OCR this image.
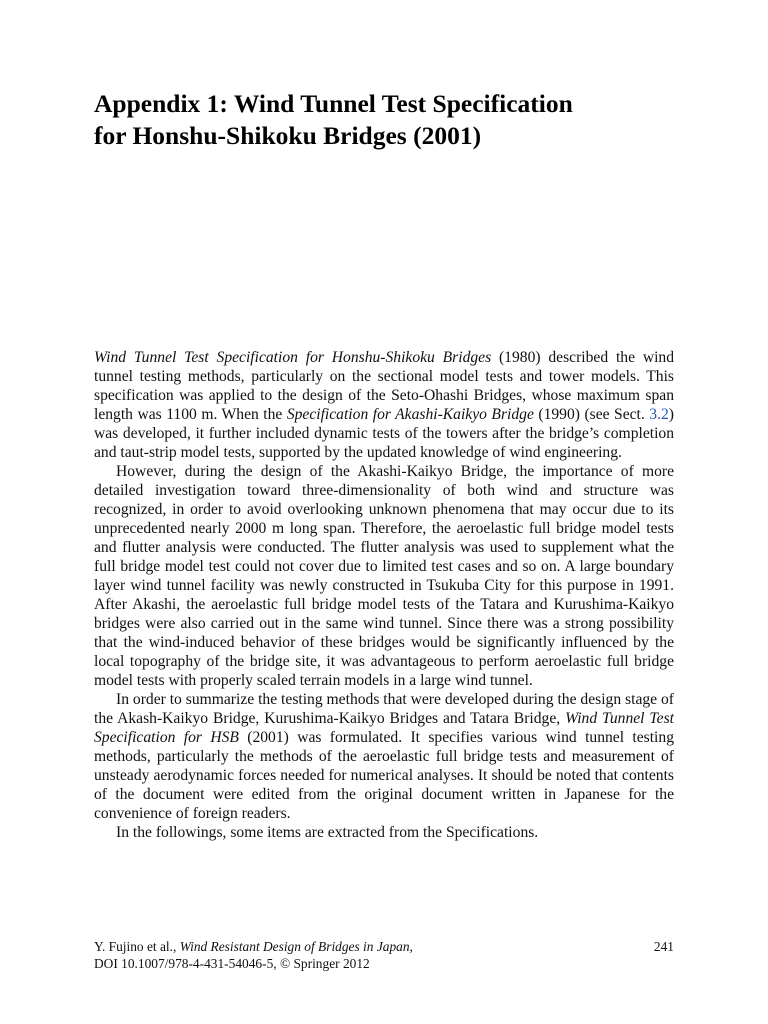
Appendix 1: Wind Tunnel Test Specification
for Honshu-Shikoku Bridges (2001)

Wind Tunnel Test Specification for Honshu-Shikoku Bridges (1980) described the wind tunnel testing methods, particularly on the sectional model tests and tower models. This specification was applied to the design of the Seto-Ohashi Bridges, whose maximum span length was 1100 m. When the Specification for Akashi-Kaikyo Bridge (1990) (see Sect. 3.2) was developed, it further included dynamic tests of the towers after the bridge’s completion and taut-strip model tests, supported by the updated knowledge of wind engineering.

However, during the design of the Akashi-Kaikyo Bridge, the importance of more detailed investigation toward three-dimensionality of both wind and structure was recognized, in order to avoid overlooking unknown phenomena that may occur due to its unprecedented nearly 2000 m long span. Therefore, the aeroelastic full bridge model tests and flutter analysis were conducted. The flutter analysis was used to supplement what the full bridge model test could not cover due to limited test cases and so on. A large boundary layer wind tunnel facility was newly constructed in Tsukuba City for this purpose in 1991. After Akashi, the aeroelastic full bridge model tests of the Tatara and Kurushima-Kaikyo bridges were also carried out in the same wind tunnel. Since there was a strong possibility that the wind-induced behavior of these bridges would be significantly influenced by the local topography of the bridge site, it was advantageous to perform aeroelastic full bridge model tests with properly scaled terrain models in a large wind tunnel.

In order to summarize the testing methods that were developed during the design stage of the Akash-Kaikyo Bridge, Kurushima-Kaikyo Bridges and Tatara Bridge, Wind Tunnel Test Specification for HSB (2001) was formulated. It specifies various wind tunnel testing methods, particularly the methods of the aeroelastic full bridge tests and measurement of unsteady aerodynamic forces needed for numerical analyses. It should be noted that contents of the document were edited from the original document written in Japanese for the convenience of foreign readers.

In the followings, some items are extracted from the Specifications.

Y. Fujino et al., Wind Resistant Design of Bridges in Japan,
DOI 10.1007/978-4-431-54046-5, © Springer 2012
241
